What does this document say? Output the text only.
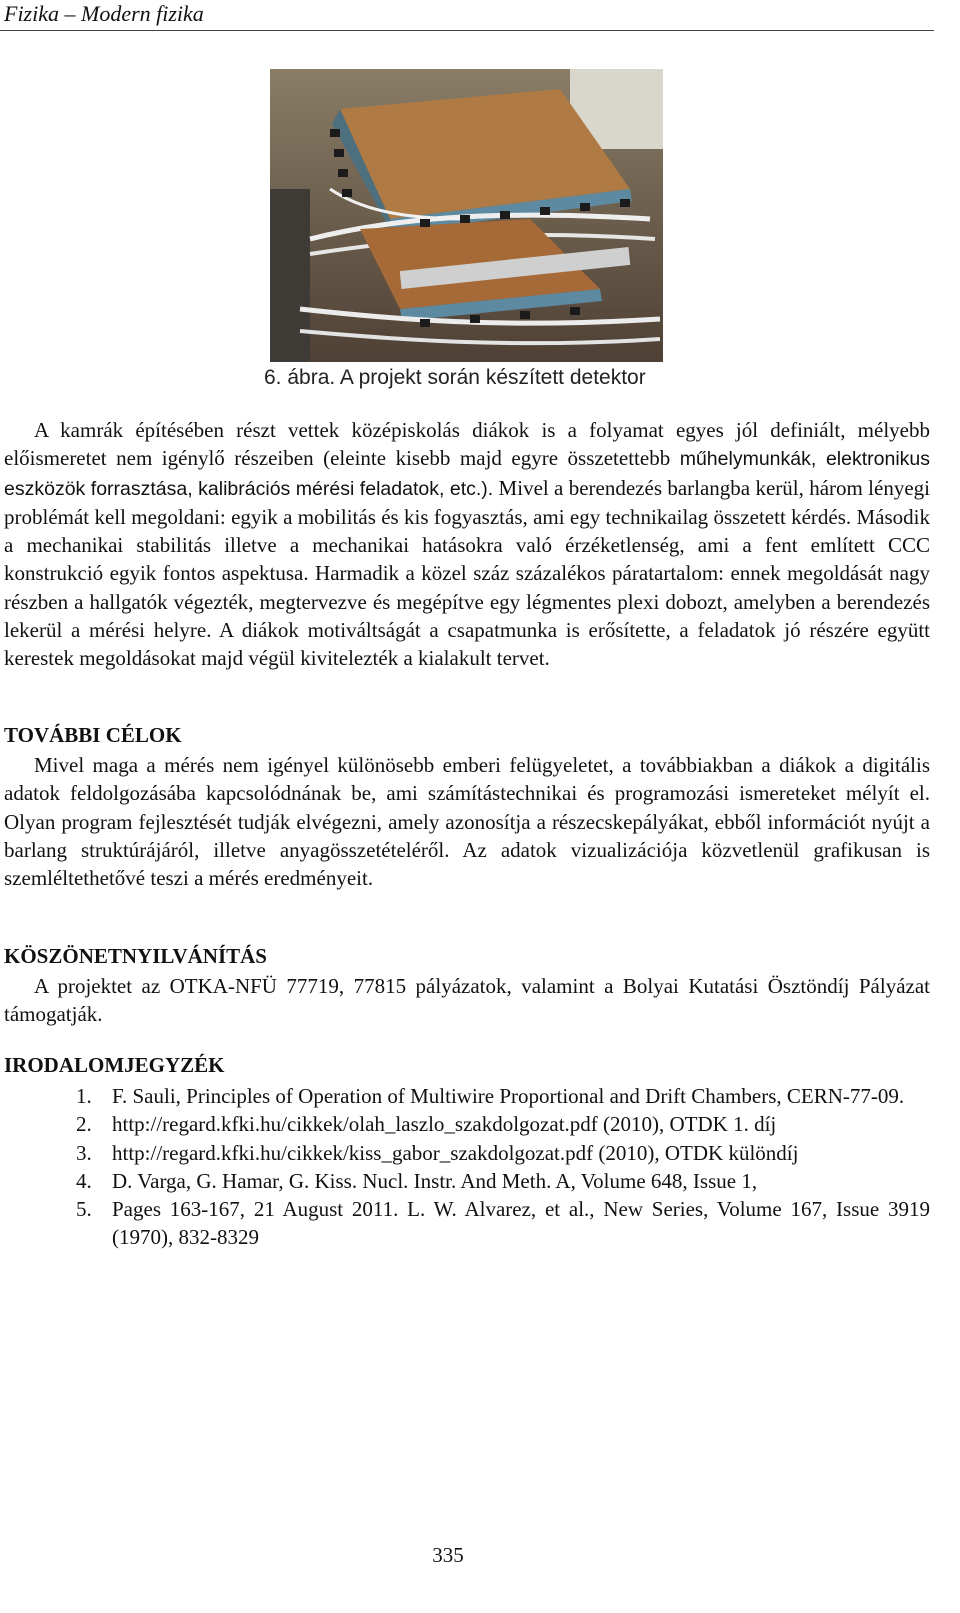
Fizika – Modern fizika
6. ábra. A projekt során készített detektor

A kamrák építésében részt vettek középiskolás diákok is a folyamat egyes jól definiált, mélyebb előismeretet nem igénylő részeiben (eleinte kisebb majd egyre összetettebb műhelymunkák, elektronikus eszközök forrasztása, kalibrációs mérési feladatok, etc.). Mivel a berendezés barlangba kerül, három lényegi problémát kell megoldani: egyik a mobilitás és kis fogyasztás, ami egy technikailag összetett kérdés. Második a mechanikai stabilitás illetve a mechanikai hatásokra való érzéketlenség, ami a fent említett CCC konstrukció egyik fontos aspektusa. Harmadik a közel száz százalékos páratartalom: ennek megoldását nagy részben a hallgatók végezték, megtervezve és megépítve egy légmentes plexi dobozt, amelyben a berendezés lekerül a mérési helyre. A diákok motiváltságát a csapatmunka is erősítette, a feladatok jó részére együtt kerestek megoldásokat majd végül kivitelezték a kialakult tervet.

TOVÁBBI CÉLOK

Mivel maga a mérés nem igényel különösebb emberi felügyeletet, a továbbiakban a diákok a digitális adatok feldolgozásába kapcsolódnának be, ami számítástechnikai és programozási ismereteket mélyít el. Olyan program fejlesztését tudják elvégezni, amely azonosítja a részecskepályákat, ebből információt nyújt a barlang struktúrájáról, illetve anyagösszetételéről. Az adatok vizualizációja közvetlenül grafikusan is szemléltethetővé teszi a mérés eredményeit.

KÖSZÖNETNYILVÁNÍTÁS

A projektet az OTKA-NFÜ 77719, 77815 pályázatok, valamint a Bolyai Kutatási Ösztöndíj Pályázat támogatják.

IRODALOMJEGYZÉK
1. F. Sauli, Principles of Operation of Multiwire Proportional and Drift Chambers, CERN-77-09.
2. http://regard.kfki.hu/cikkek/olah_laszlo_szakdolgozat.pdf (2010), OTDK 1. díj
3. http://regard.kfki.hu/cikkek/kiss_gabor_szakdolgozat.pdf (2010), OTDK különdíj
4. D. Varga, G. Hamar, G. Kiss. Nucl. Instr. And Meth. A, Volume 648, Issue 1,
5. Pages 163-167, 21 August 2011. L. W. Alvarez, et al., New Series, Volume 167, Issue 3919 (1970), 832-8329
335
